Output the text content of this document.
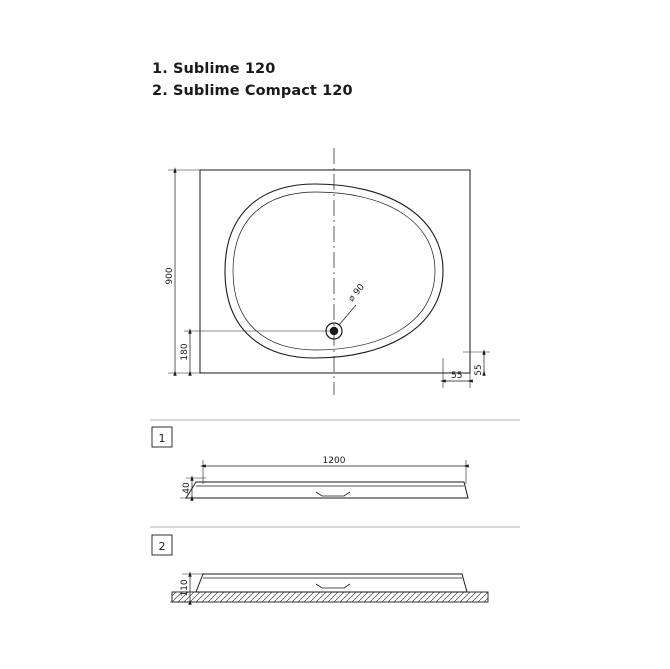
1. Sublime 120
2. Sublime Compact 120
⌀ 90
900
180
55
55
1
1200
40
2
110
